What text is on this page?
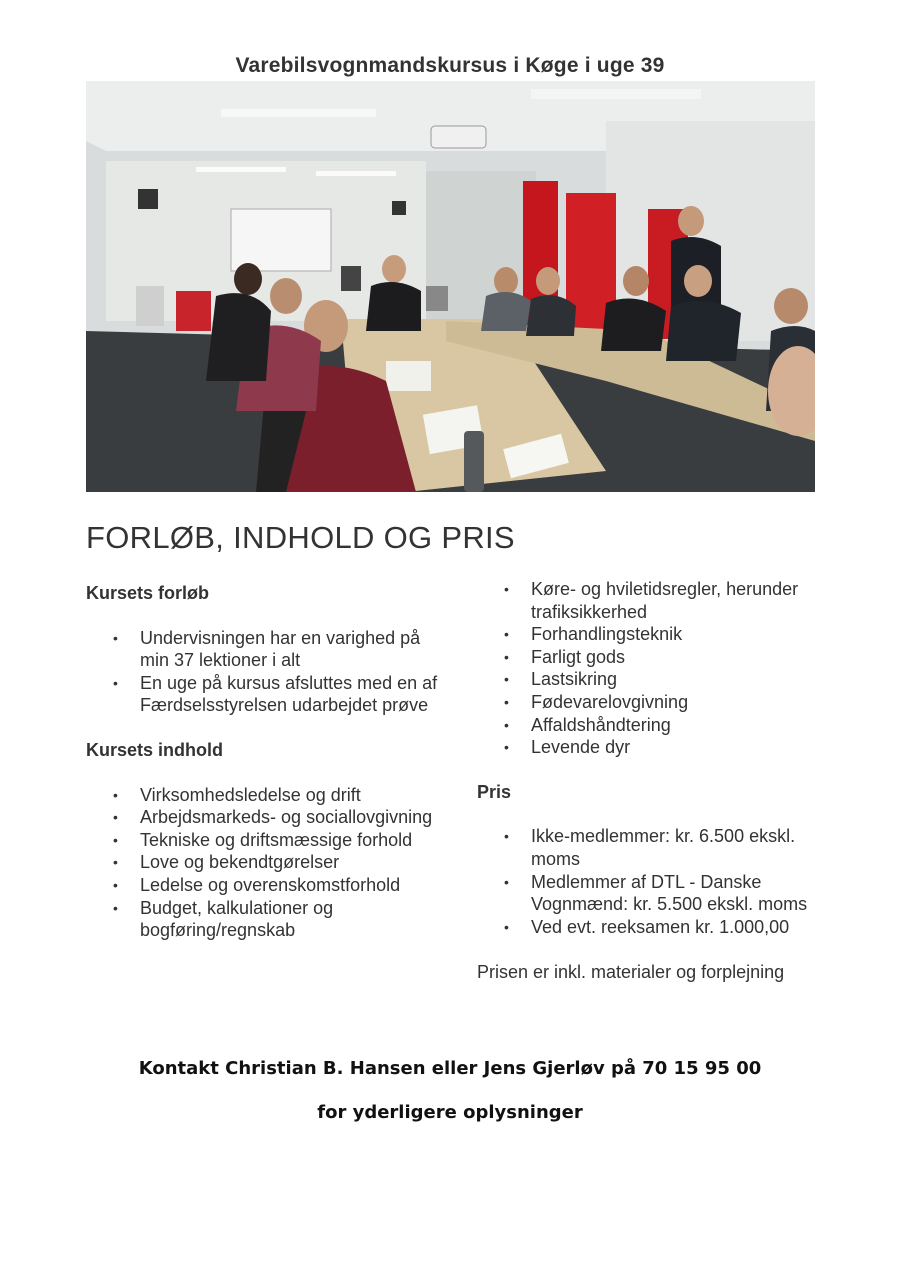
Varebilsvognmandskursus i Køge i uge 39
FORLØB, INDHOLD OG PRIS

Kursets forløb

• Undervisningen har en varighed på min 37 lektioner i alt
• En uge på kursus afsluttes med en af Færdselsstyrelsen udarbejdet prøve

Kursets indhold

• Virksomhedsledelse og drift
• Arbejdsmarkeds- og sociallovgivning
• Tekniske og driftsmæssige forhold
• Love og bekendtgørelser
• Ledelse og overenskomstforhold
• Budget, kalkulationer og bogføring/regnskab
• Køre- og hviletidsregler, herunder trafiksikkerhed
• Forhandlingsteknik
• Farligt gods
• Lastsikring
• Fødevarelovgivning
• Affaldshåndtering
• Levende dyr

Pris

• Ikke-medlemmer: kr. 6.500 ekskl. moms
• Medlemmer af DTL - Danske Vognmænd: kr. 5.500 ekskl. moms
• Ved evt. reeksamen kr. 1.000,00

Prisen er inkl. materialer og forplejning

Kontakt Christian B. Hansen eller Jens Gjerløv på 70 15 95 00
for yderligere oplysninger
